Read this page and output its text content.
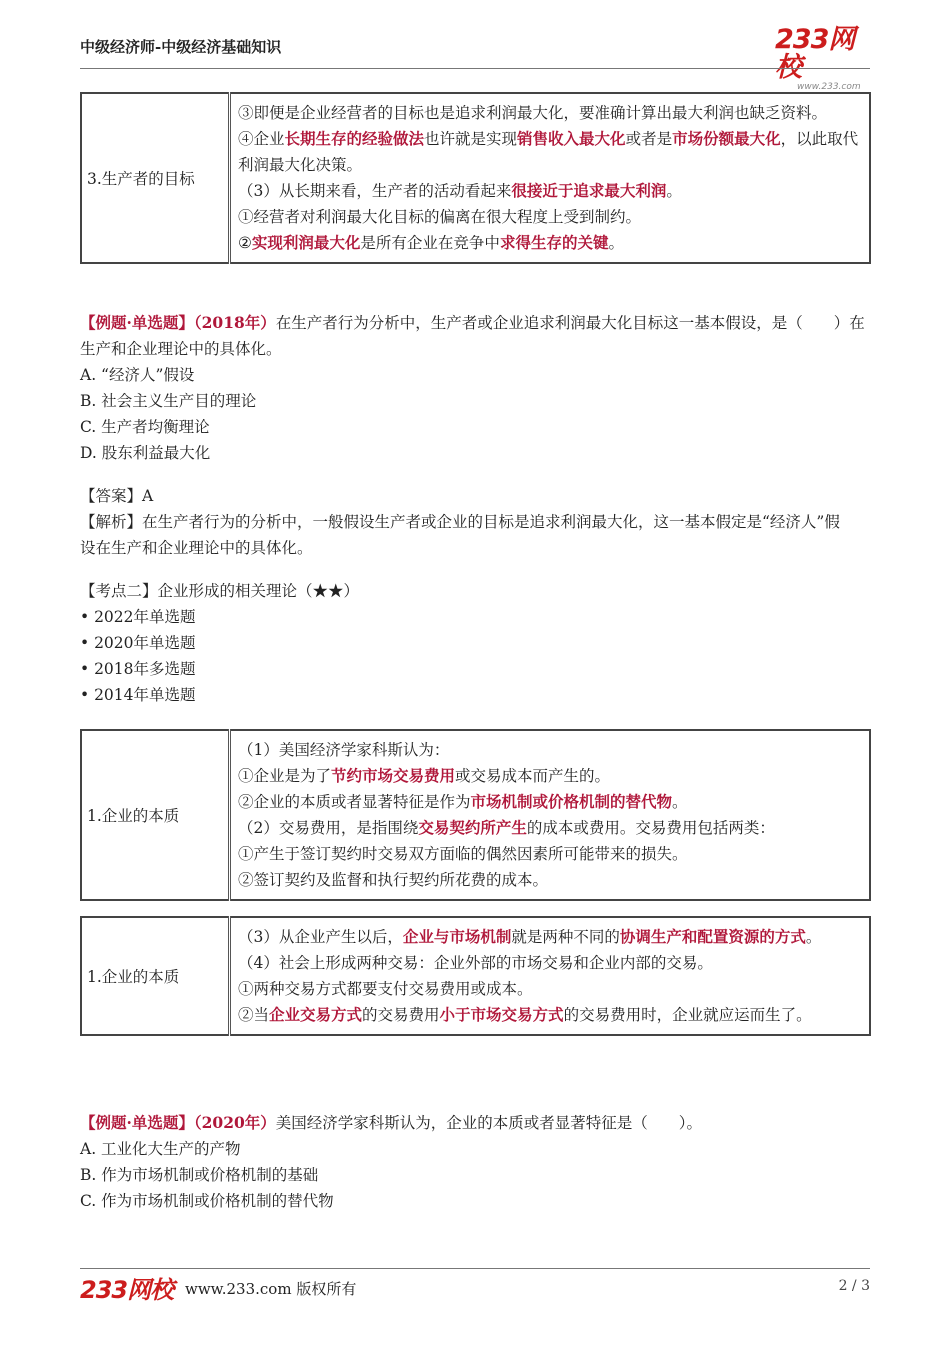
中级经济师-中级经济基础知识	233网校
www.233.com
3.生产者的目标	
③即便是企业经营者的目标也是追求利润最大化，要准确计算出最大利润也缺乏资料。
④企业长期生存的经验做法也许就是实现销售收入最大化或者是市场份额最大化，以此取代利润最大化决策。
（3）从长期来看，生产者的活动看起来很接近于追求最大利润。
①经营者对利润最大化目标的偏离在很大程度上受到制约。
②实现利润最大化是所有企业在竞争中求得生存的关键。

【例题·单选题】（2018年）在生产者行为分析中，生产者或企业追求利润最大化目标这一基本假设，是（　　）在生产和企业理论中的具体化。

A. “经济人”假设

B. 社会主义生产目的理论

C. 生产者均衡理论

D. 股东利益最大化

【答案】A

【解析】在生产者行为的分析中，一般假设生产者或企业的目标是追求利润最大化，这一基本假定是“经济人”假设在生产和企业理论中的具体化。

【考点二】企业形成的相关理论（★★）

• 2022年单选题

• 2020年单选题

• 2018年多选题

• 2014年单选题

1.企业的本质	
（1）美国经济学家科斯认为：
①企业是为了节约市场交易费用或交易成本而产生的。
②企业的本质或者显著特征是作为市场机制或价格机制的替代物。
（2）交易费用，是指围绕交易契约所产生的成本或费用。交易费用包括两类：
①产生于签订契约时交易双方面临的偶然因素所可能带来的损失。
②签订契约及监督和执行契约所花费的成本。
1.企业的本质	
（3）从企业产生以后，企业与市场机制就是两种不同的协调生产和配置资源的方式。
（4）社会上形成两种交易：企业外部的市场交易和企业内部的交易。
①两种交易方式都要支付交易费用或成本。
②当企业交易方式的交易费用小于市场交易方式的交易费用时，企业就应运而生了。

【例题·单选题】（2020年）美国经济学家科斯认为，企业的本质或者显著特征是（　　）。

A. 工业化大生产的产物

B. 作为市场机制或价格机制的基础

C. 作为市场机制或价格机制的替代物

233网校 www.233.com 版权所有	2 / 3
